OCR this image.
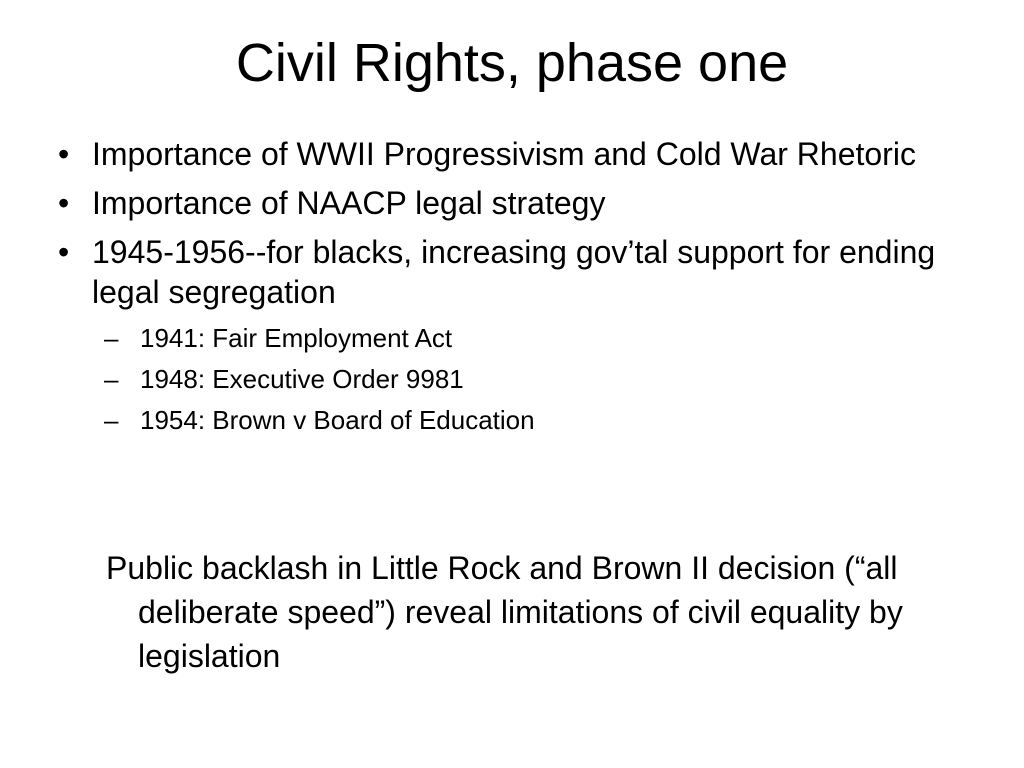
Civil Rights, phase one
• Importance of WWII Progressivism and Cold War Rhetoric
• Importance of NAACP legal strategy
• 1945-1956--for blacks, increasing gov’tal support for ending legal segregation
– 1941: Fair Employment Act
– 1948: Executive Order 9981
– 1954: Brown v Board of Education

Public backlash in Little Rock and Brown II decision (“all deliberate speed”) reveal limitations of civil equality by legislation
